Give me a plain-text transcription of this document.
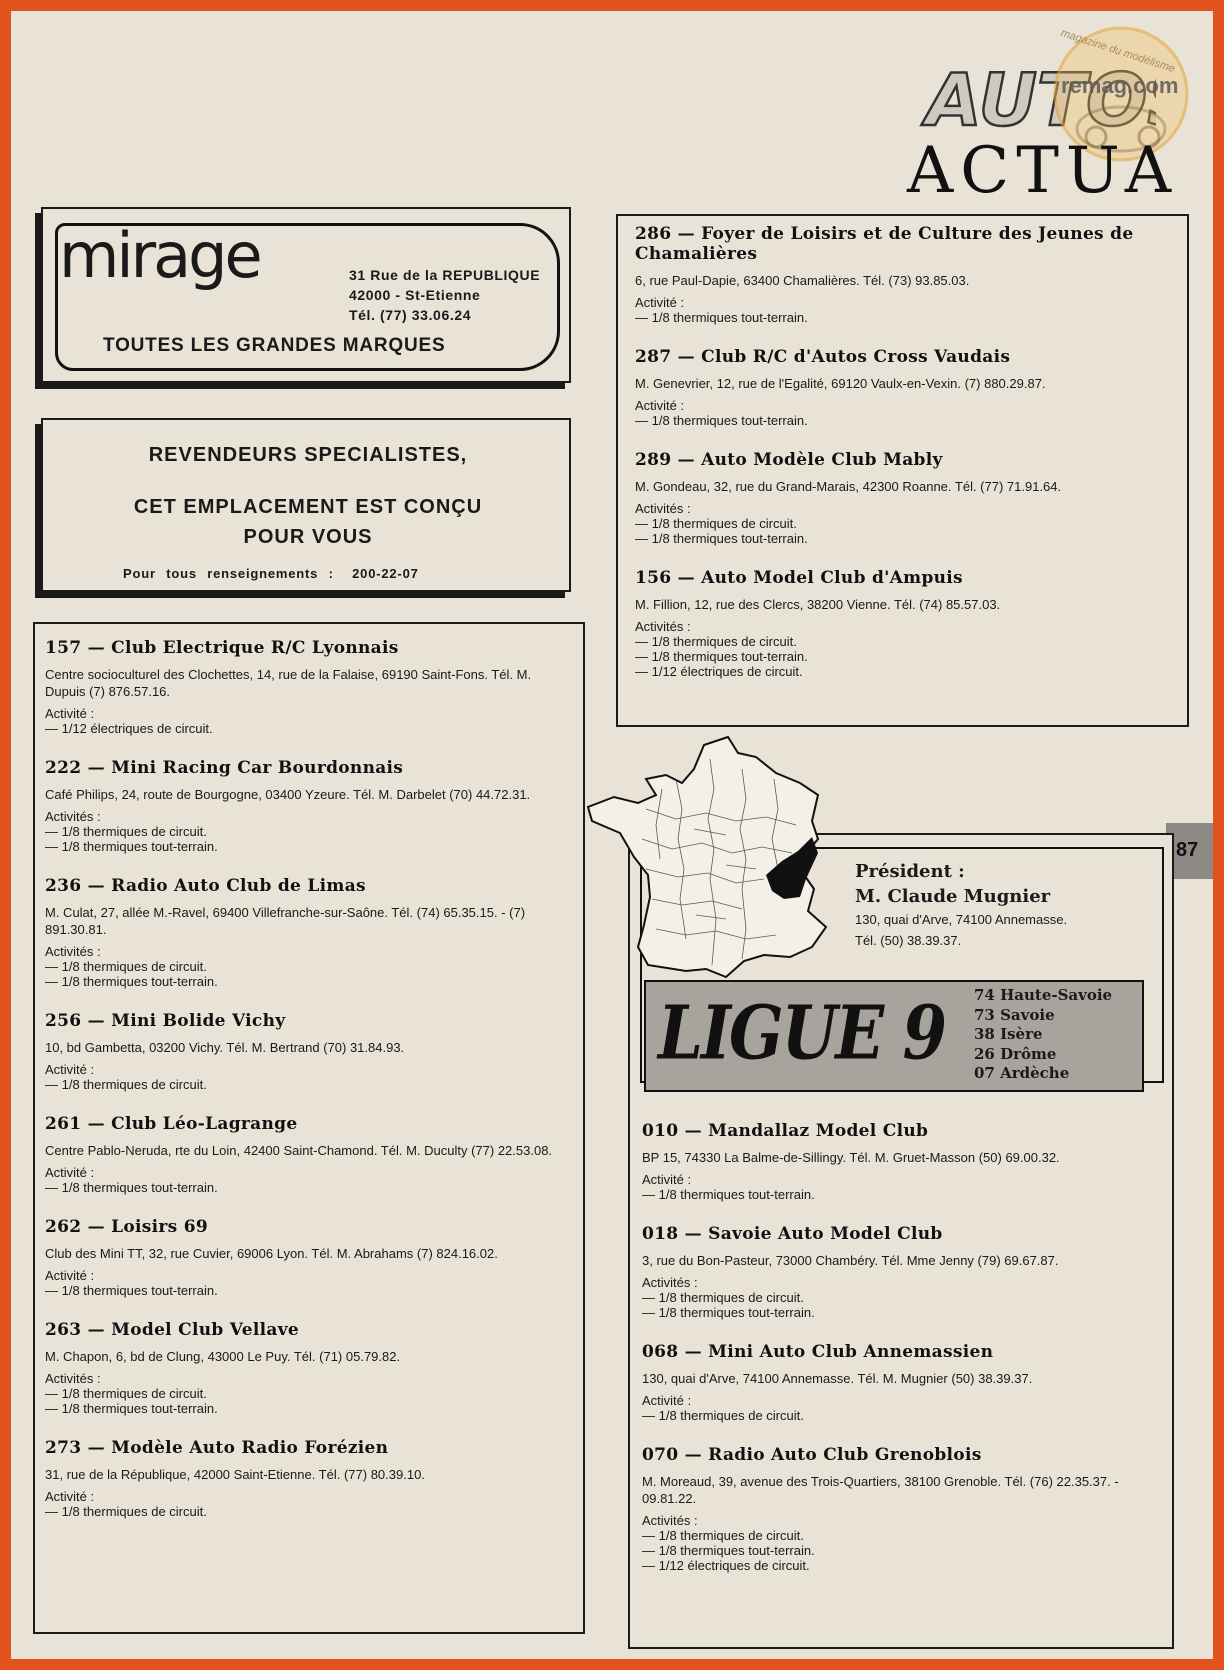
AUTO
magazine du modélisme
remag.com
ACTUA
87
mirage	31 Rue de la REPUBLIQUE
42000 - St-Etienne
Tél. (77) 33.06.24
TOUTES LES GRANDES MARQUES
REVENDEURS SPECIALISTES,
CET EMPLACEMENT EST CONÇU
POUR VOUS
Pour tous renseignements : 200-22-07
157 — Club Electrique R/C Lyonnais
Centre socioculturel des Clochettes, 14, rue de la Falaise, 69190 Saint-Fons. Tél. M. Dupuis (7) 876.57.16.
Activité :
— 1/12 électriques de circuit.
222 — Mini Racing Car Bourdonnais
Café Philips, 24, route de Bourgogne, 03400 Yzeure. Tél. M. Darbelet (70) 44.72.31.
Activités :
— 1/8 thermiques de circuit.
— 1/8 thermiques tout-terrain.
236 — Radio Auto Club de Limas
M. Culat, 27, allée M.-Ravel, 69400 Villefranche-sur-Saône. Tél. (74) 65.35.15. - (7) 891.30.81.
Activités :
— 1/8 thermiques de circuit.
— 1/8 thermiques tout-terrain.
256 — Mini Bolide Vichy
10, bd Gambetta, 03200 Vichy. Tél. M. Bertrand (70) 31.84.93.
Activité :
— 1/8 thermiques de circuit.
261 — Club Léo-Lagrange
Centre Pablo-Neruda, rte du Loin, 42400 Saint-Chamond. Tél. M. Duculty (77) 22.53.08.
Activité :
— 1/8 thermiques tout-terrain.
262 — Loisirs 69
Club des Mini TT, 32, rue Cuvier, 69006 Lyon. Tél. M. Abrahams (7) 824.16.02.
Activité :
— 1/8 thermiques tout-terrain.
263 — Model Club Vellave
M. Chapon, 6, bd de Clung, 43000 Le Puy. Tél. (71) 05.79.82.
Activités :
— 1/8 thermiques de circuit.
— 1/8 thermiques tout-terrain.
273 — Modèle Auto Radio Forézien
31, rue de la République, 42000 Saint-Etienne. Tél. (77) 80.39.10.
Activité :
— 1/8 thermiques de circuit.
286 — Foyer de Loisirs et de Culture des Jeunes de Chamalières
6, rue Paul-Dapie, 63400 Chamalières. Tél. (73) 93.85.03.
Activité :
— 1/8 thermiques tout-terrain.
287 — Club R/C d'Autos Cross Vaudais
M. Genevrier, 12, rue de l'Egalité, 69120 Vaulx-en-Vexin. (7) 880.29.87.
Activité :
— 1/8 thermiques tout-terrain.
289 — Auto Modèle Club Mably
M. Gondeau, 32, rue du Grand-Marais, 42300 Roanne. Tél. (77) 71.91.64.
Activités :
— 1/8 thermiques de circuit.
— 1/8 thermiques tout-terrain.
156 — Auto Model Club d'Ampuis
M. Fillion, 12, rue des Clercs, 38200 Vienne. Tél. (74) 85.57.03.
Activités :
— 1/8 thermiques de circuit.
— 1/8 thermiques tout-terrain.
— 1/12 électriques de circuit.
LIGUE 9 74 Haute-Savoie
73 Savoie
38 Isère
26 Drôme
07 Ardèche
Président :
M. Claude Mugnier
130, quai d'Arve, 74100 Annemasse.
Tél. (50) 38.39.37.
010 — Mandallaz Model Club
BP 15, 74330 La Balme-de-Sillingy. Tél. M. Gruet-Masson (50) 69.00.32.
Activité :
— 1/8 thermiques tout-terrain.
018 — Savoie Auto Model Club
3, rue du Bon-Pasteur, 73000 Chambéry. Tél. Mme Jenny (79) 69.67.87.
Activités :
— 1/8 thermiques de circuit.
— 1/8 thermiques tout-terrain.
068 — Mini Auto Club Annemassien
130, quai d'Arve, 74100 Annemasse. Tél. M. Mugnier (50) 38.39.37.
Activité :
— 1/8 thermiques de circuit.
070 — Radio Auto Club Grenoblois
M. Moreaud, 39, avenue des Trois-Quartiers, 38100 Grenoble. Tél. (76) 22.35.37. - 09.81.22.
Activités :
— 1/8 thermiques de circuit.
— 1/8 thermiques tout-terrain.
— 1/12 électriques de circuit.
